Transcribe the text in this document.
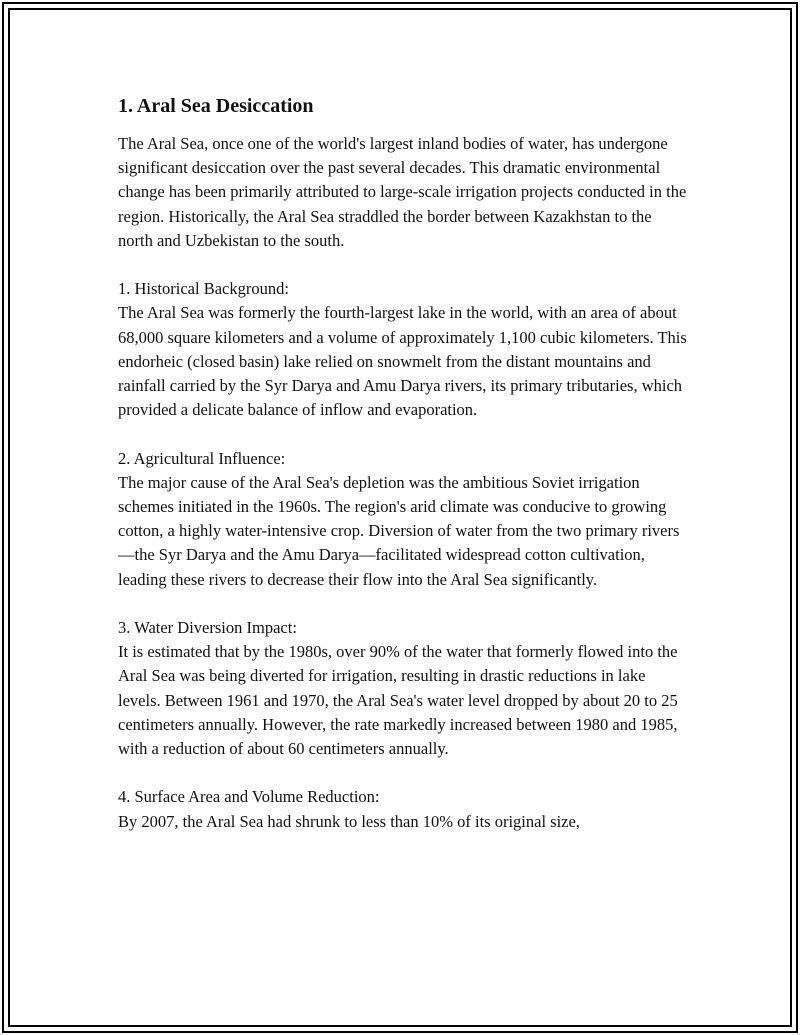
1. Aral Sea Desiccation

The Aral Sea, once one of the world's largest inland bodies of water, has undergone significant desiccation over the past several decades. This dramatic environmental change has been primarily attributed to large-scale irrigation projects conducted in the region. Historically, the Aral Sea straddled the border between Kazakhstan to the north and Uzbekistan to the south.

1. Historical Background:
The Aral Sea was formerly the fourth-largest lake in the world, with an area of about 68,000 square kilometers and a volume of approximately 1,100 cubic kilometers. This endorheic (closed basin) lake relied on snowmelt from the distant mountains and rainfall carried by the Syr Darya and Amu Darya rivers, its primary tributaries, which provided a delicate balance of inflow and evaporation.

2. Agricultural Influence:
The major cause of the Aral Sea's depletion was the ambitious Soviet irrigation schemes initiated in the 1960s. The region's arid climate was conducive to growing cotton, a highly water-intensive crop. Diversion of water from the two primary rivers—the Syr Darya and the Amu Darya—facilitated widespread cotton cultivation, leading these rivers to decrease their flow into the Aral Sea significantly.

3. Water Diversion Impact:
It is estimated that by the 1980s, over 90% of the water that formerly flowed into the Aral Sea was being diverted for irrigation, resulting in drastic reductions in lake levels. Between 1961 and 1970, the Aral Sea's water level dropped by about 20 to 25 centimeters annually. However, the rate markedly increased between 1980 and 1985, with a reduction of about 60 centimeters annually.

4. Surface Area and Volume Reduction:
By 2007, the Aral Sea had shrunk to less than 10% of its original size,
